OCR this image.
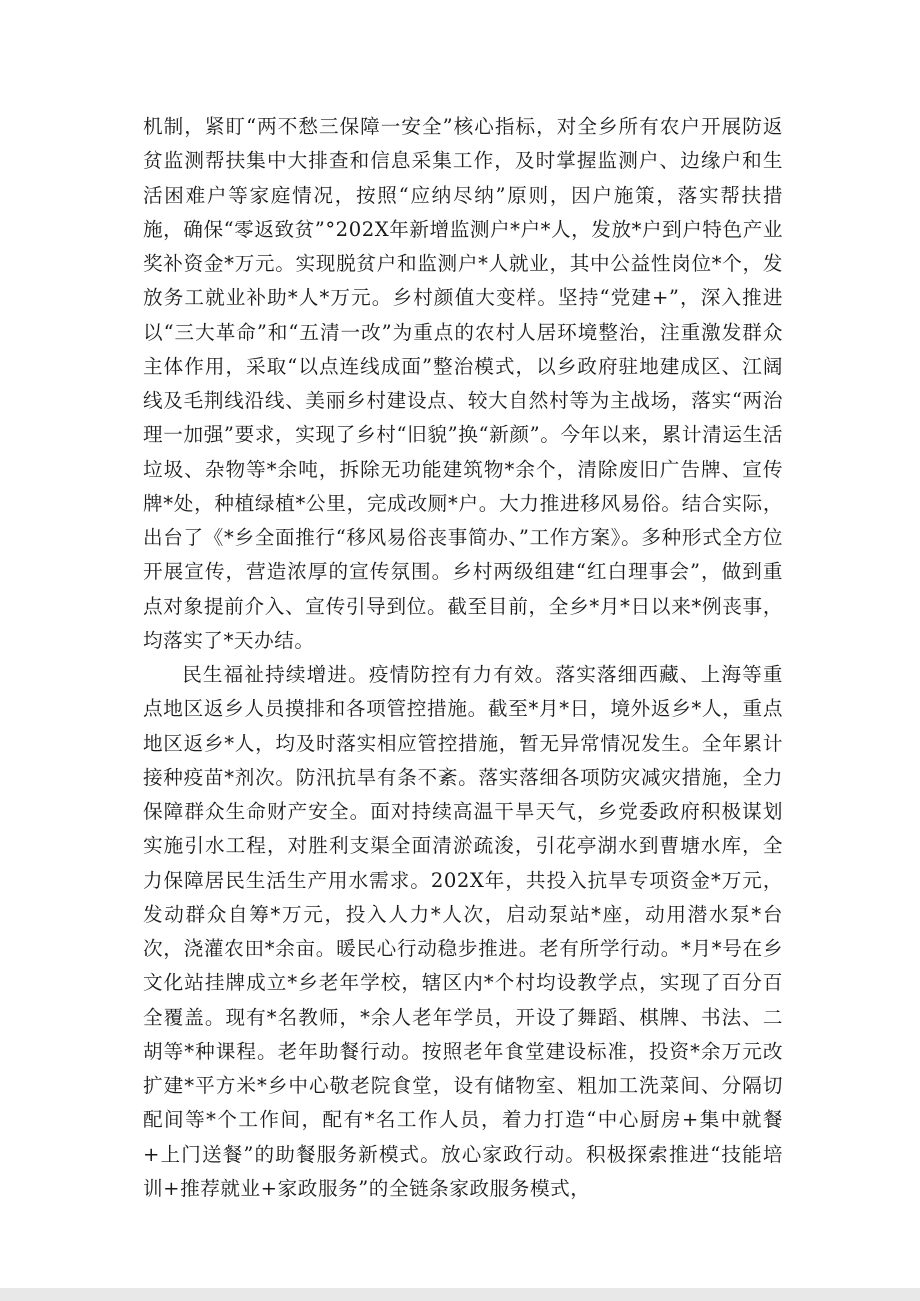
机制，紧盯“两不愁三保障一安全”核心指标，对全乡所有农户开展防返贫监测帮扶集中大排查和信息采集工作，及时掌握监测户、边缘户和生活困难户等家庭情况，按照“应纳尽纳”原则，因户施策，落实帮扶措施，确保“零返致贫”°202X年新增监测户*户*人，发放*户到户特色产业奖补资金*万元。实现脱贫户和监测户*人就业，其中公益性岗位*个，发放务工就业补助*人*万元。乡村颜值大变样。坚持“党建+”，深入推进以“三大革命”和“五清一改”为重点的农村人居环境整治，注重激发群众主体作用，采取“以点连线成面”整治模式，以乡政府驻地建成区、江阔线及毛荆线沿线、美丽乡村建设点、较大自然村等为主战场，落实“两治理一加强”要求，实现了乡村“旧貌”换“新颜”。今年以来，累计清运生活垃圾、杂物等*余吨，拆除无功能建筑物*余个，清除废旧广告牌、宣传牌*处，种植绿植*公里，完成改厕*户。大力推进移风易俗。结合实际，出台了《*乡全面推行“移风易俗丧事简办、”工作方案》。多种形式全方位开展宣传，营造浓厚的宣传氛围。乡村两级组建“红白理事会”，做到重点对象提前介入、宣传引导到位。截至目前，全乡*月*日以来*例丧事，均落实了*天办结。

民生福祉持续增进。疫情防控有力有效。落实落细西藏、上海等重点地区返乡人员摸排和各项管控措施。截至*月*日，境外返乡*人，重点地区返乡*人，均及时落实相应管控措施，暂无异常情况发生。全年累计接种疫苗*剂次。防汛抗旱有条不紊。落实落细各项防灾减灾措施，全力保障群众生命财产安全。面对持续高温干旱天气，乡党委政府积极谋划实施引水工程，对胜利支渠全面清淤疏浚，引花亭湖水到曹塘水库，全力保障居民生活生产用水需求。202X年，共投入抗旱专项资金*万元，发动群众自筹*万元，投入人力*人次，启动泵站*座，动用潜水泵*台次，浇灌农田*余亩。暖民心行动稳步推进。老有所学行动。*月*号在乡文化站挂牌成立*乡老年学校，辖区内*个村均设教学点，实现了百分百全覆盖。现有*名教师，*余人老年学员，开设了舞蹈、棋牌、书法、二胡等*种课程。老年助餐行动。按照老年食堂建设标准，投资*余万元改扩建*平方米*乡中心敬老院食堂，设有储物室、粗加工洗菜间、分隔切配间等*个工作间，配有*名工作人员，着力打造“中心厨房+集中就餐+上门送餐”的助餐服务新模式。放心家政行动。积极探索推进“技能培训+推荐就业+家政服务”的全链条家政服务模式，
